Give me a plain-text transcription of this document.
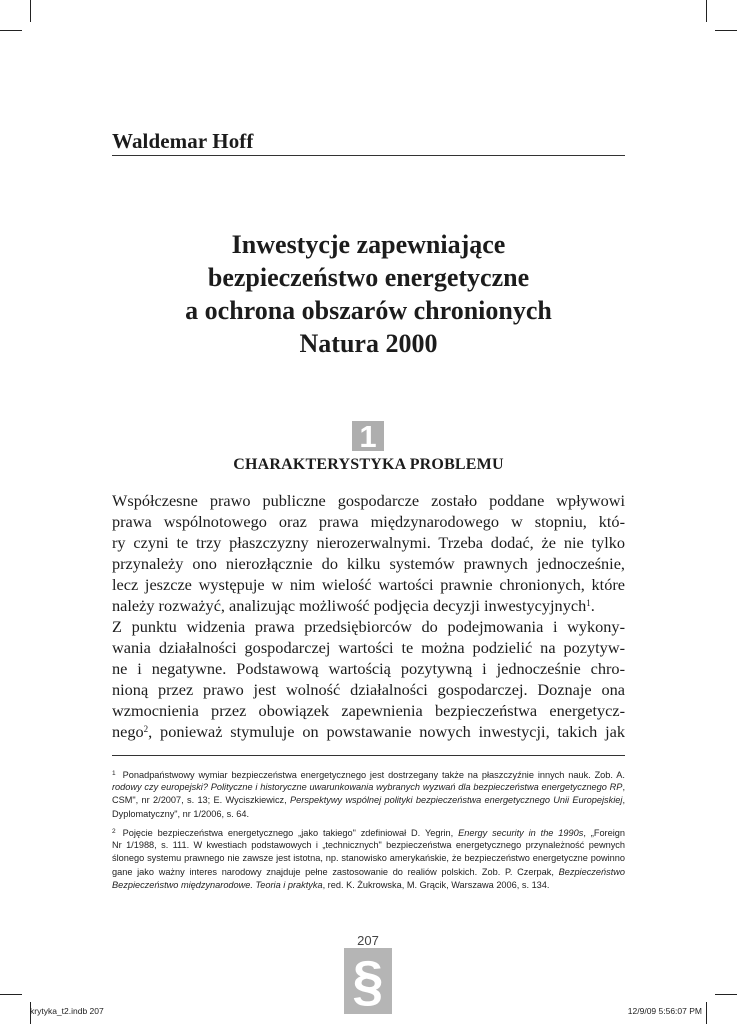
Waldemar Hoff
Inwestycje zapewniające
bezpieczeństwo energetyczne
a ochrona obszarów chronionych
Natura 2000
1
CHARAKTERYSTYKA PROBLEMU
Współczesne prawo publiczne gospodarcze zostało poddane wpływowi
prawa wspólnotowego oraz prawa międzynarodowego w stopniu, któ-
ry czyni te trzy płaszczyzny nierozerwalnymi. Trzeba dodać, że nie tylko
przynależy ono nierozłącznie do kilku systemów prawnych jednocześnie,
lecz jeszcze występuje w nim wielość wartości prawnie chronionych, które
należy rozważyć, analizując możliwość podjęcia decyzji inwestycyjnych$^1$.
Z punktu widzenia prawa przedsiębiorców do podejmowania i wykony-
wania działalności gospodarczej wartości te można podzielić na pozytyw-
ne i negatywne. Podstawową wartością pozytywną i jednocześnie chro-
nioną przez prawo jest wolność działalności gospodarczej. Doznaje ona
wzmocnienia przez obowiązek zapewnienia bezpieczeństwa energetycz-
nego$^2$, ponieważ stymuluje on powstawanie nowych inwestycji, takich jak
$^1$ Ponadpaństwowy wymiar bezpieczeństwa energetycznego jest dostrzegany także na płaszczyźnie innych nauk. Zob. A.
rodowy czy europejski? Polityczne i historyczne uwarunkowania wybranych wyzwań dla bezpieczeństwa energetycznego RP,
CSM", nr 2/2007, s. 13; E. Wyciszkiewicz, Perspektywy wspólnej polityki bezpieczeństwa energetycznego Unii Europejskiej,
Dyplomatyczny", nr 1/2006, s. 64.
$^2$ Pojęcie bezpieczeństwa energetycznego „jako takiego" zdefiniował D. Yegrin, Energy security in the 1990s, „Foreign
Nr 1/1988, s. 111. W kwestiach podstawowych i „technicznych" bezpieczeństwa energetycznego przynależność pewnych
ślonego systemu prawnego nie zawsze jest istotna, np. stanowisko amerykańskie, że bezpieczeństwo energetyczne powinno
gane jako ważny interes narodowy znajduje pełne zastosowanie do realiów polskich. Zob. P. Czerpak, Bezpieczeństwo
Bezpieczeństwo międzynarodowe. Teoria i praktyka, red. K. Żukrowska, M. Grącik, Warszawa 2006, s. 134.
207
§
krytyka_t2.indb 207	12/9/09 5:56:07 PM
